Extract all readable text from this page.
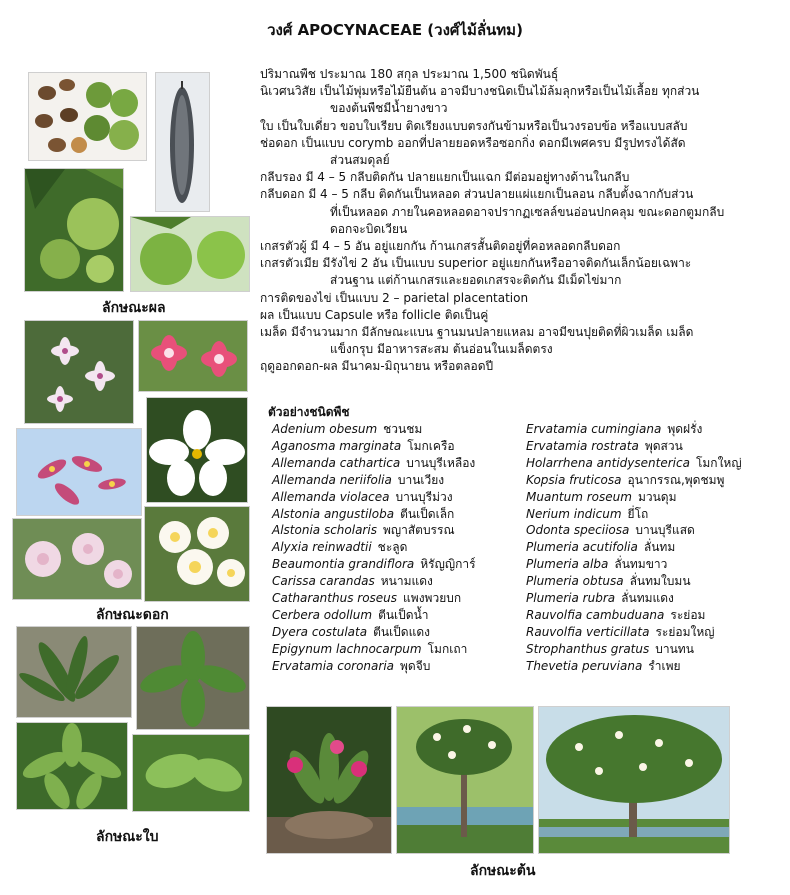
วงศ์ APOCYNACEAE (วงศ์ไม้ลั่นทม)
ลักษณะผล
ลักษณะดอก
ลักษณะใบ

ปริมาณพืช ประมาณ 180 สกุล ประมาณ 1,500 ชนิดพันธุ์

นิเวศนวิสัย เป็นไม้พุ่มหรือไม้ยืนต้น อาจมีบางชนิดเป็นไม้ล้มลุกหรือเป็นไม้เลื้อย ทุกส่วน

ของต้นพืชมีน้ำยางขาว

ใบ เป็นใบเดี่ยว ขอบใบเรียบ ติดเรียงแบบตรงกันข้ามหรือเป็นวงรอบข้อ หรือแบบสลับ

ช่อดอก เป็นแบบ corymb ออกที่ปลายยอดหรือซอกกิ่ง ดอกมีเพศครบ มีรูปทรงได้สัด

ส่วนสมดุลย์

กลีบรอง มี 4 – 5 กลีบติดกัน ปลายแยกเป็นแฉก มีต่อมอยู่ทางด้านในกลีบ

กลีบดอก มี 4 – 5 กลีบ ติดกันเป็นหลอด ส่วนปลายแผ่แยกเป็นลอน กลีบตั้งฉากกับส่วน

ที่เป็นหลอด ภายในคอหลอดอาจปรากฏเซลล์ขนอ่อนปกคลุม ขณะดอกตูมกลีบ

ดอกจะบิดเวียน

เกสรตัวผู้ มี 4 – 5 อัน อยู่แยกกัน ก้านเกสรสั้นติดอยู่ที่คอหลอดกลีบดอก

เกสรตัวเมีย มีรังไข่ 2 อัน เป็นแบบ superior อยู่แยกกันหรืออาจติดกันเล็กน้อยเฉพาะ

ส่วนฐาน แต่ก้านเกสรและยอดเกสรจะติดกัน มีเม็ดไข่มาก

การติดของไข่ เป็นแบบ 2 – parietal placentation

ผล เป็นแบบ Capsule หรือ follicle ติดเป็นคู่

เมล็ด มีจำนวนมาก มีลักษณะแบน ฐานมนปลายแหลม อาจมีขนปุยติดที่ผิวเมล็ด เมล็ด

แข็งกรุบ มีอาหารสะสม ต้นอ่อนในเมล็ดตรง

ฤดูออกดอก-ผล มีนาคม-มิถุนายน หรือตลอดปี

ตัวอย่างชนิดพืช
Adenium obesum ชวนชม
Aganosma marginata โมกเครือ
Allemanda cathartica บานบุรีเหลือง
Allemanda neriifolia บานเวียง
Allemanda violacea บานบุรีม่วง
Alstonia angustiloba ตีนเป็ดเล็ก
Alstonia scholaris พญาสัตบรรณ
Alyxia reinwadtii ชะลูด
Beaumontia grandiflora หิรัญญิการ์
Carissa carandas หนามแดง
Catharanthus roseus แพงพวยบก
Cerbera odollum ตีนเป็ดน้ำ
Dyera costulata ตีนเป็ดแดง
Epigynum lachnocarpum โมกเถา
Ervatamia coronaria พุดจีบ
Ervatamia cumingiana พุดฝรั่ง
Ervatamia rostrata พุดสวน
Holarrhena antidysenterica โมกใหญ่
Kopsia fruticosa อุนากรรณ,พุดชมพู
Muantum roseum มวนดุม
Nerium indicum ยี่โถ
Odonta speciiosa บานบุรีแสด
Plumeria acutifolia ลั่นทม
Plumeria alba ลั่นทมขาว
Plumeria obtusa ลั่นทมใบมน
Plumeria rubra ลั่นทมแดง
Rauvolfia cambuduana ระย่อม
Rauvolfia verticillata ระย่อมใหญ่
Strophanthus gratus บานทน
Thevetia peruviana รำเพย
ลักษณะต้น
